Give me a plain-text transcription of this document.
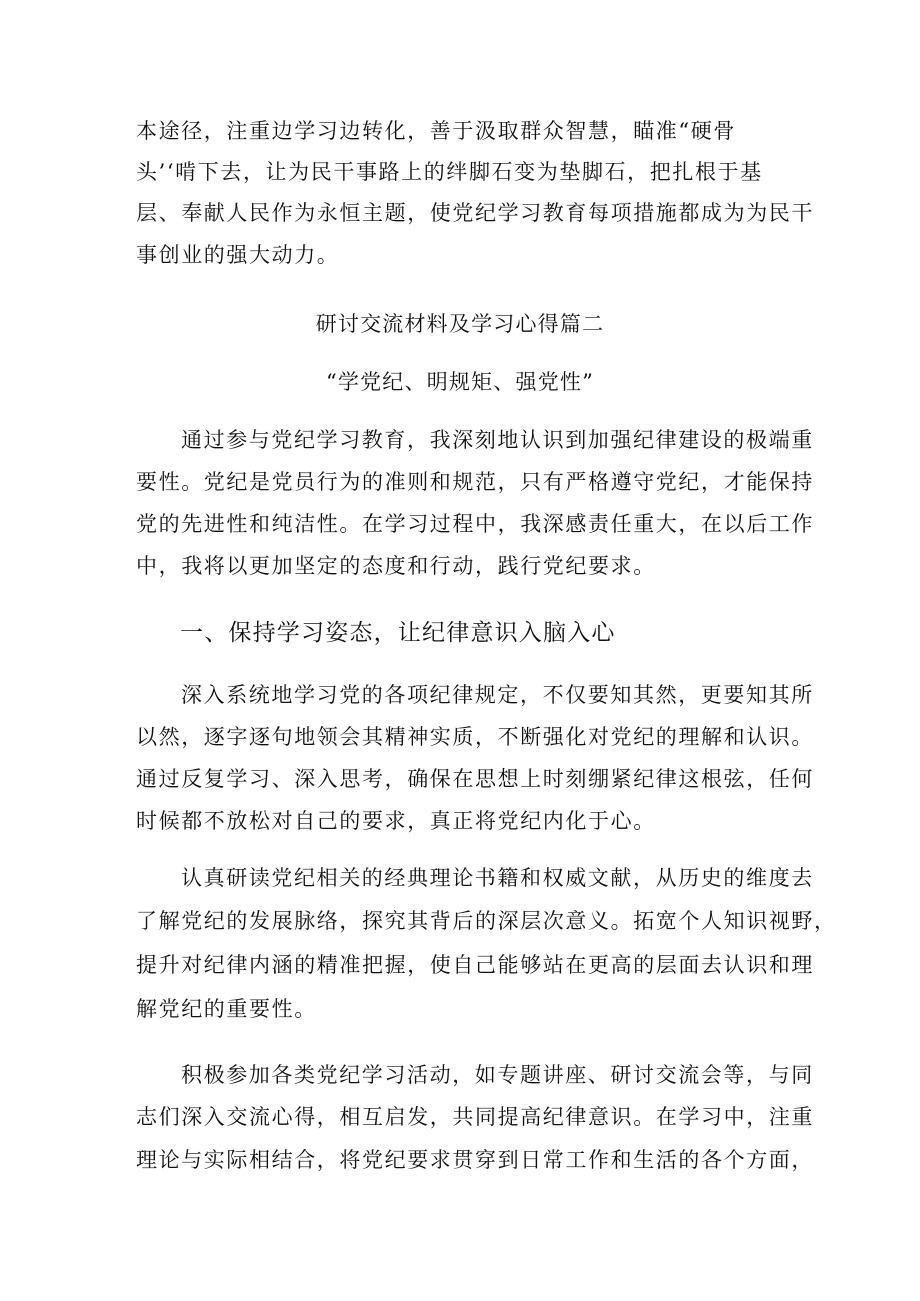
本途径，注重边学习边转化，善于汲取群众智慧，瞄准“硬骨
头’‘啃下去，让为民干事路上的绊脚石变为垫脚石，把扎根于基
层、奉献人民作为永恒主题，使党纪学习教育每项措施都成为为民干
事创业的强大动力。
研讨交流材料及学习心得篇二
“学党纪、明规矩、强党性”
通过参与党纪学习教育，我深刻地认识到加强纪律建设的极端重
要性。党纪是党员行为的准则和规范，只有严格遵守党纪，才能保持
党的先进性和纯洁性。在学习过程中，我深感责任重大，在以后工作
中，我将以更加坚定的态度和行动，践行党纪要求。
一、保持学习姿态，让纪律意识入脑入心
深入系统地学习党的各项纪律规定，不仅要知其然，更要知其所
以然，逐字逐句地领会其精神实质，不断强化对党纪的理解和认识。
通过反复学习、深入思考，确保在思想上时刻绷紧纪律这根弦，任何
时候都不放松对自己的要求，真正将党纪内化于心。
认真研读党纪相关的经典理论书籍和权威文献，从历史的维度去
了解党纪的发展脉络，探究其背后的深层次意义。拓宽个人知识视野，
提升对纪律内涵的精准把握，使自己能够站在更高的层面去认识和理
解党纪的重要性。
积极参加各类党纪学习活动，如专题讲座、研讨交流会等，与同
志们深入交流心得，相互启发，共同提高纪律意识。在学习中，注重
理论与实际相结合，将党纪要求贯穿到日常工作和生活的各个方面，
